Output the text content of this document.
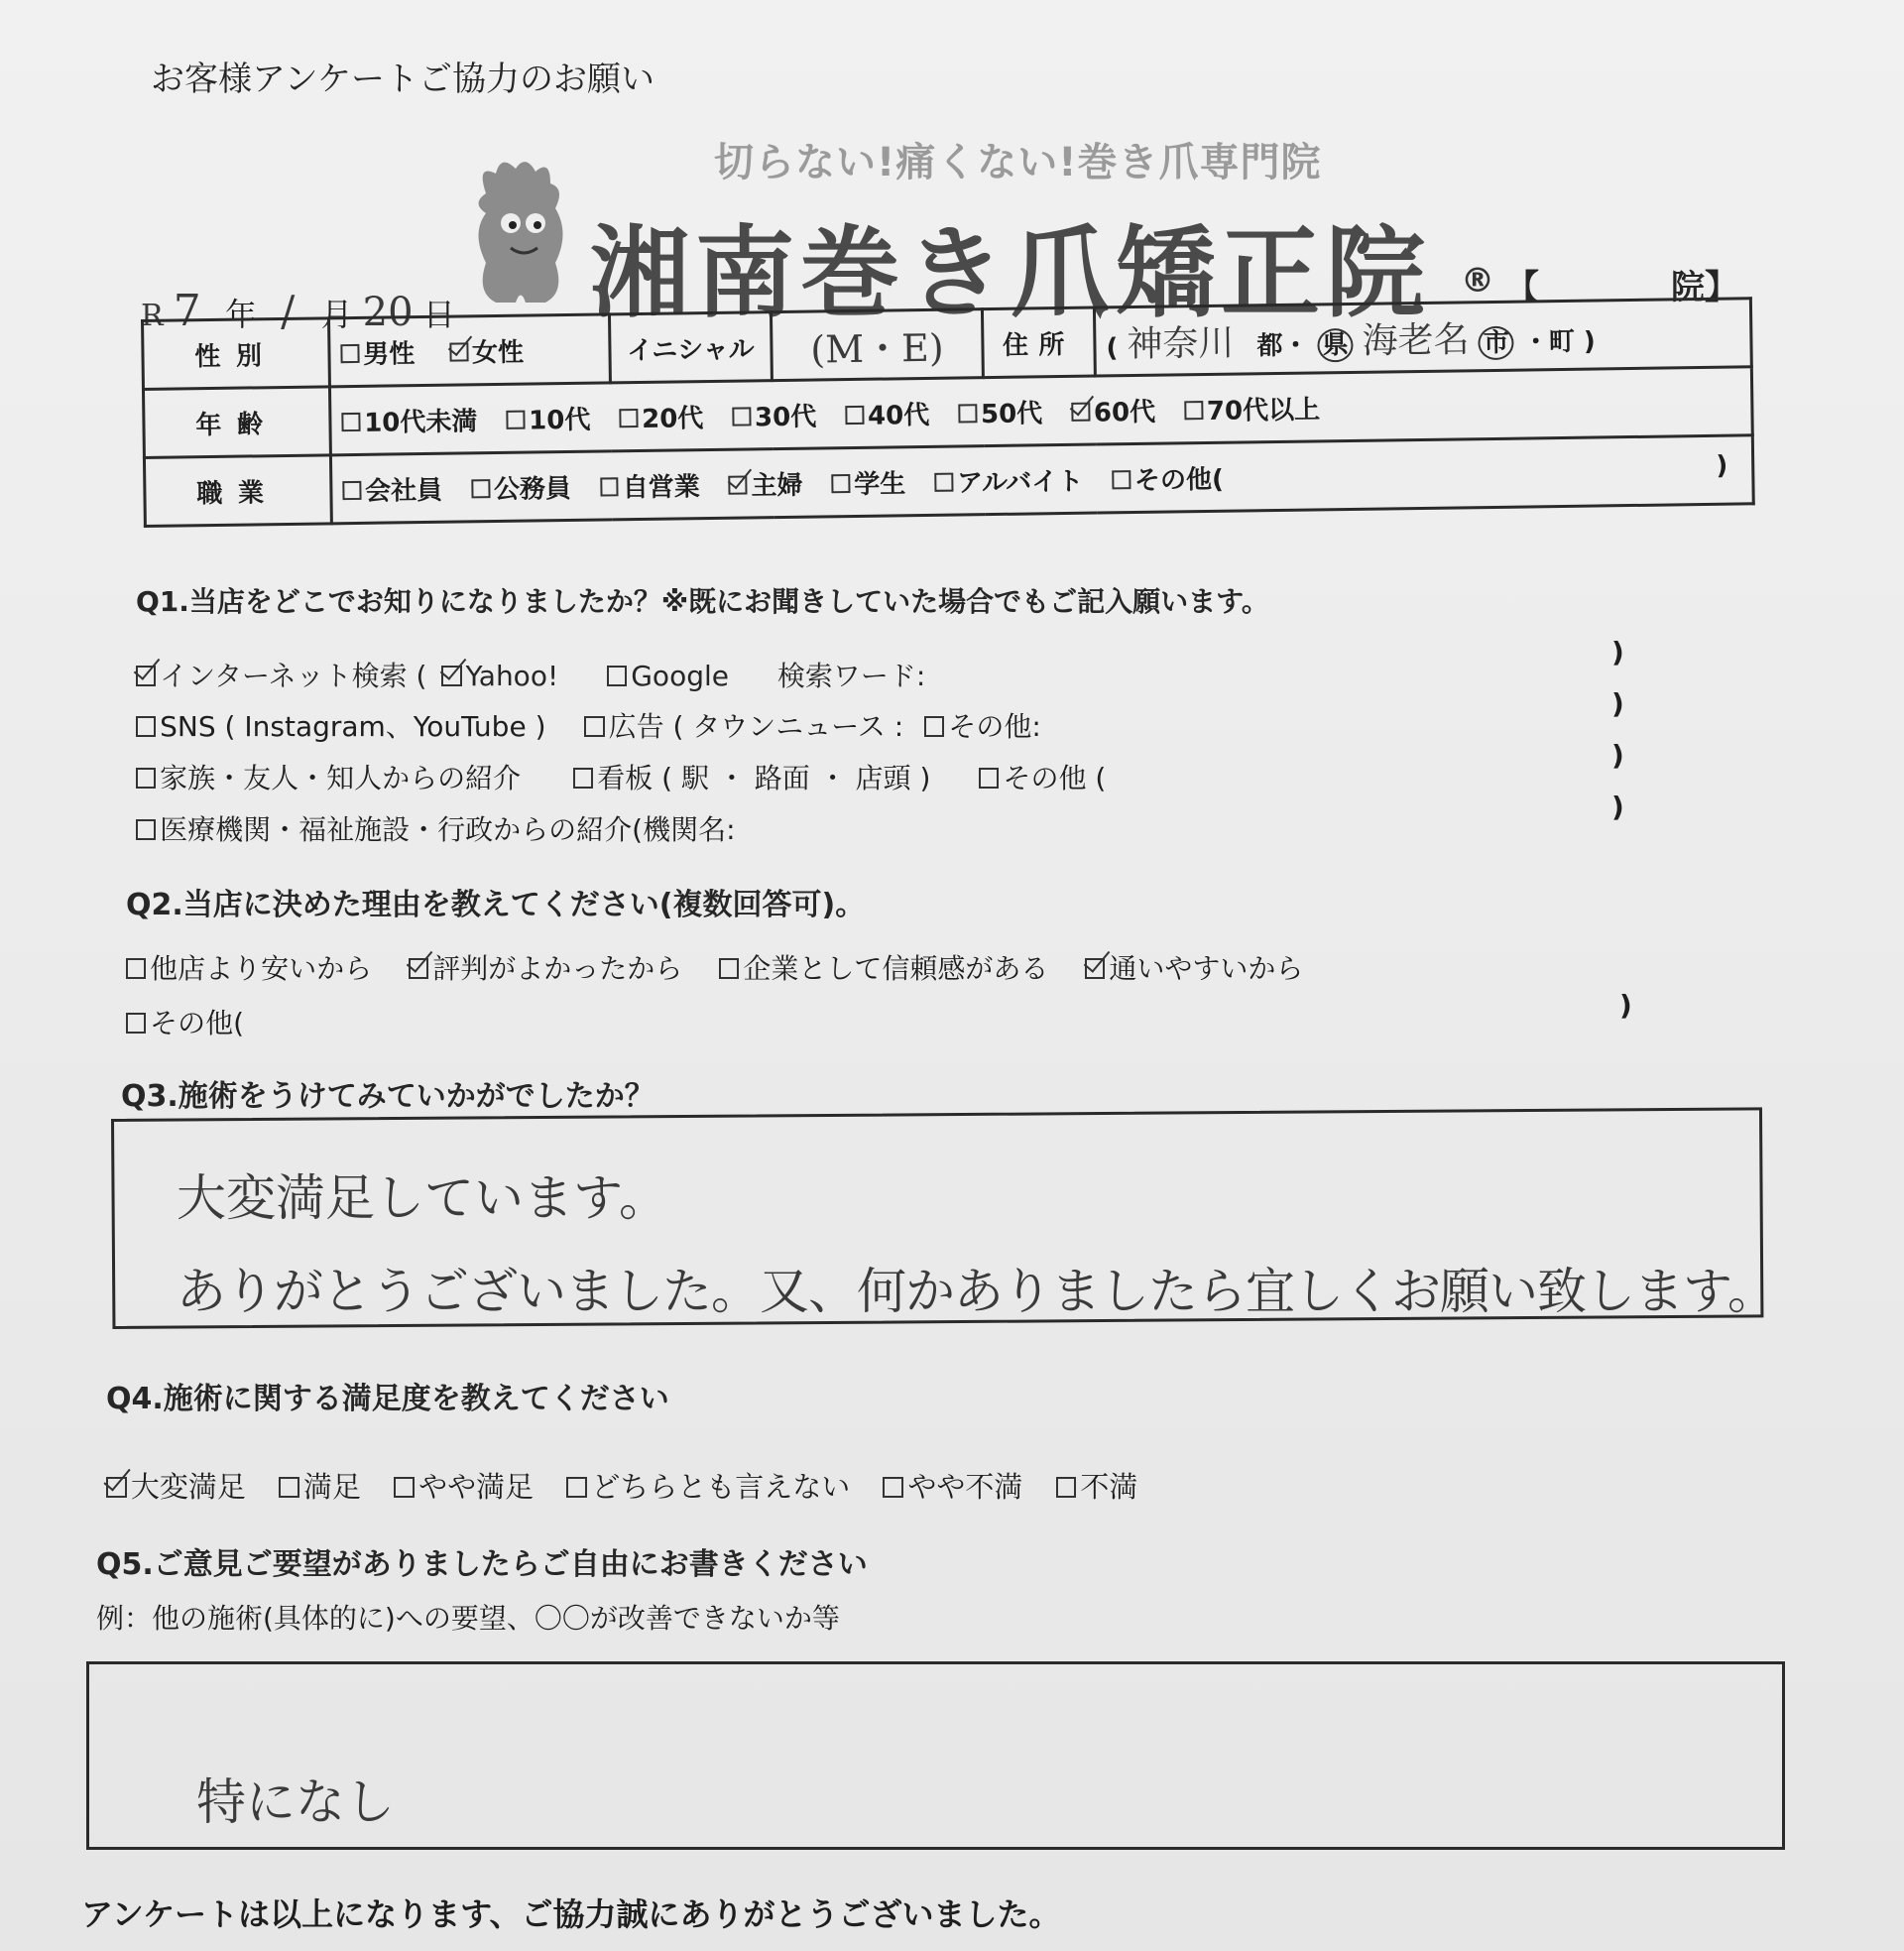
お客様アンケートご協力のお願い
切らない!痛くない!巻き爪専門院
湘南巻き爪矯正院 ® 【	院】
R 7 年 / 月 20 日
性別	男性 女性	イニシャル	(M・E)	住所	( 神奈川 都・ 県 海老名 市 ・町 )
年齢	10代未満 10代 20代 30代 40代 50代 60代 70代以上				
職業	会社員 公務員 自営業 主婦 学生 アルバイト その他( )				
Q1.当店をどこでお知りになりましたか？※既にお聞きしていた場合でもご記入願います。
インターネット検索 ( Yahoo!	Google 検索ワード:
SNS ( Instagram、YouTube ) 広告 ( タウンニュース : その他:
家族・友人・知人からの紹介	看板 ( 駅 ・ 路面 ・ 店頭 )	その他 (
医療機関・福祉施設・行政からの紹介(機関名:
)
)
)
)
Q2.当店に決めた理由を教えてください(複数回答可)。
他店より安いから 評判がよかったから 企業として信頼感がある 通いやすいから
その他(
)
Q3.施術をうけてみていかがでしたか？
大変満足しています。
ありがとうございました。又、何かありましたら宜しくお願い致します。
Q4.施術に関する満足度を教えてください
大変満足 満足 やや満足 どちらとも言えない やや不満 不満
Q5.ご意見ご要望がありましたらご自由にお書きください
例：他の施術(具体的に)への要望、〇〇が改善できないか等
特になし
アンケートは以上になります、ご協力誠にありがとうございました。
